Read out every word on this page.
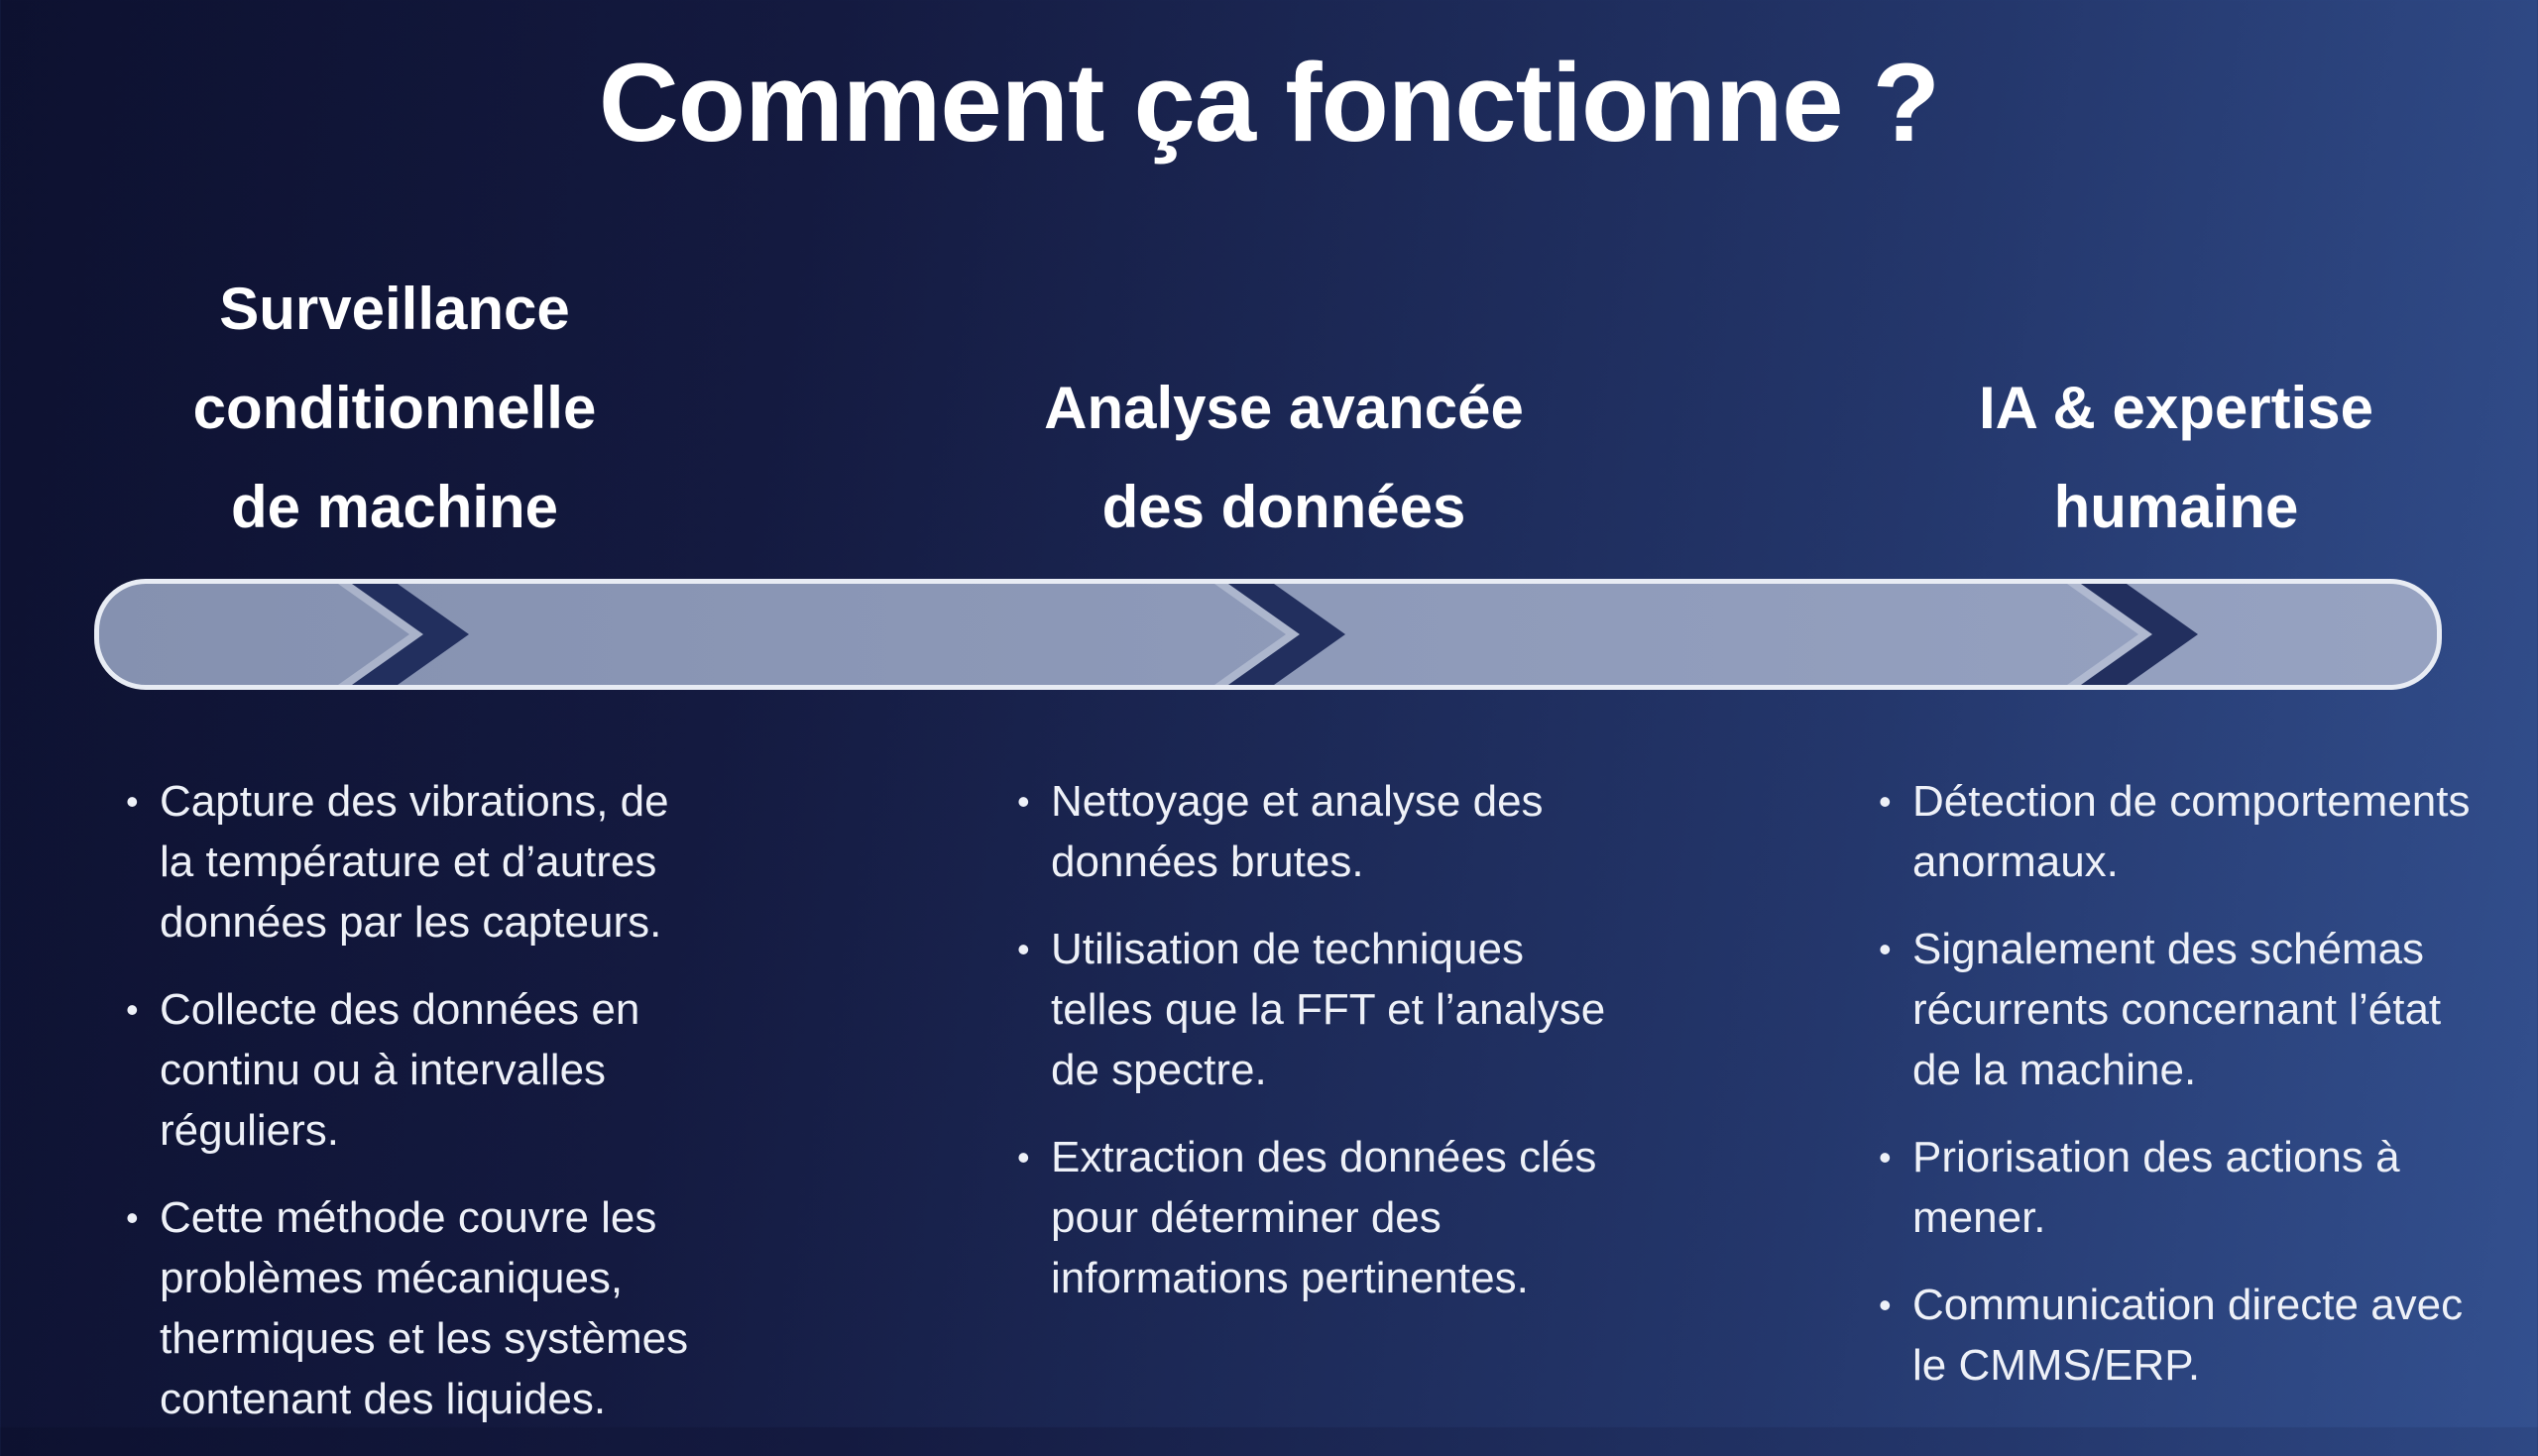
Comment ça fonctionne ?
Surveillance
conditionnelle
de machine
Analyse avancée
des données
IA & expertise
humaine
• Capture des vibrations, de la température et d’autres données par les capteurs.
• Collecte des données en continu ou à intervalles réguliers.
• Cette méthode couvre les problèmes mécaniques, thermiques et les systèmes contenant des liquides.
• Nettoyage et analyse des données brutes.
• Utilisation de techniques telles que la FFT et l’analyse de spectre.
• Extraction des données clés pour déterminer des informations pertinentes.
• Détection de comportements anormaux.
• Signalement des schémas récurrents concernant l’état de la machine.
• Priorisation des actions à mener.
• Communication directe avec le CMMS/ERP.
